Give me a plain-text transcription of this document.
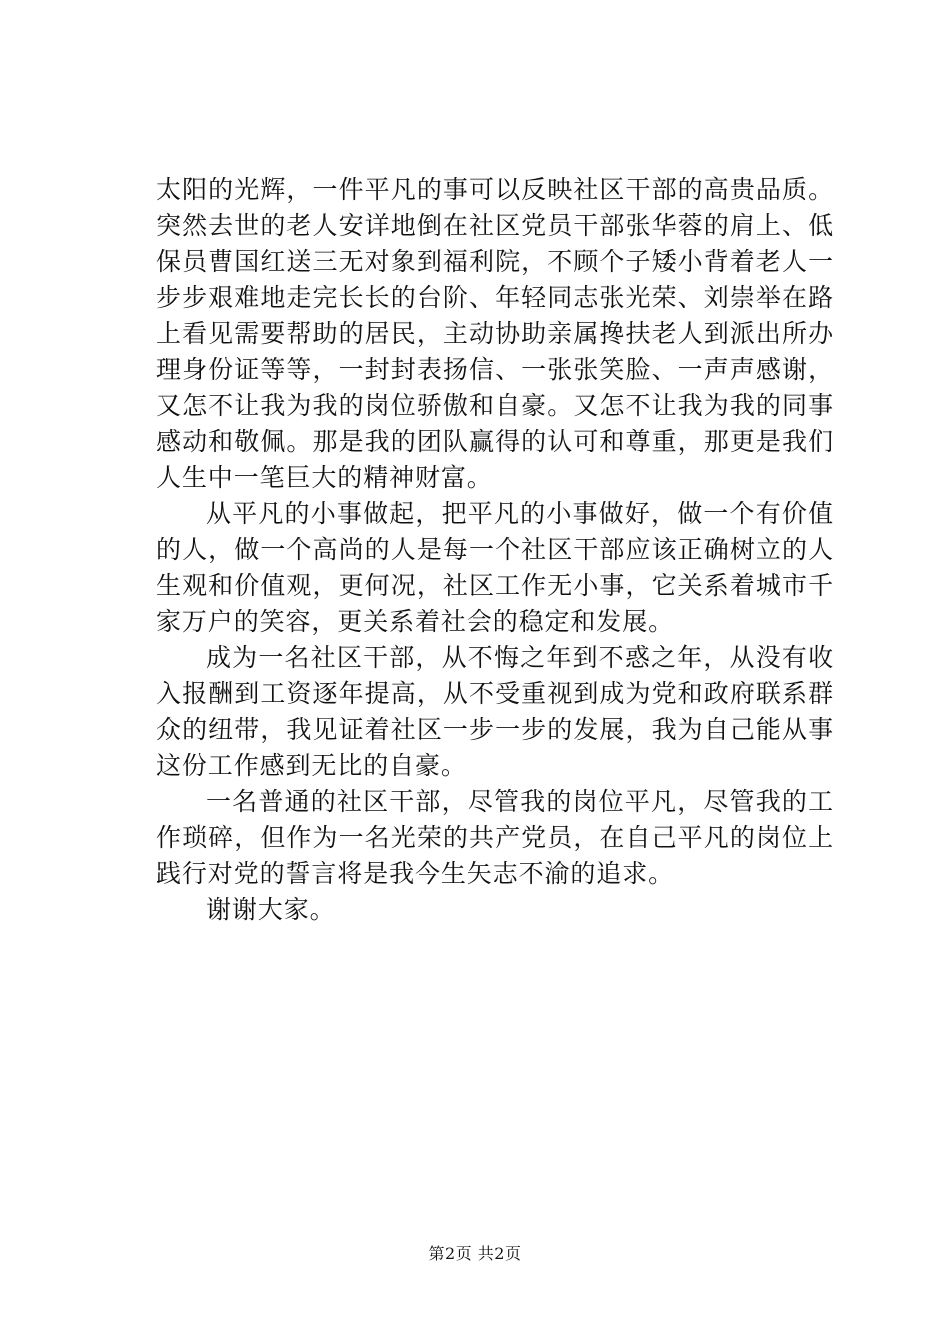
太阳的光辉，一件平凡的事可以反映社区干部的高贵品质。突然去世的老人安详地倒在社区党员干部张华蓉的肩上、低保员曹国红送三无对象到福利院，不顾个子矮小背着老人一步步艰难地走完长长的台阶、年轻同志张光荣、刘崇举在路上看见需要帮助的居民，主动协助亲属搀扶老人到派出所办理身份证等等，一封封表扬信、一张张笑脸、一声声感谢，又怎不让我为我的岗位骄傲和自豪。又怎不让我为我的同事感动和敬佩。那是我的团队赢得的认可和尊重，那更是我们人生中一笔巨大的精神财富。

从平凡的小事做起，把平凡的小事做好，做一个有价值的人，做一个高尚的人是每一个社区干部应该正确树立的人生观和价值观，更何况，社区工作无小事，它关系着城市千家万户的笑容，更关系着社会的稳定和发展。

成为一名社区干部，从不悔之年到不惑之年，从没有收入报酬到工资逐年提高，从不受重视到成为党和政府联系群众的纽带，我见证着社区一步一步的发展，我为自己能从事这份工作感到无比的自豪。

一名普通的社区干部，尽管我的岗位平凡，尽管我的工作琐碎，但作为一名光荣的共产党员，在自己平凡的岗位上践行对党的誓言将是我今生矢志不渝的追求。

谢谢大家。

第2页 共2页
